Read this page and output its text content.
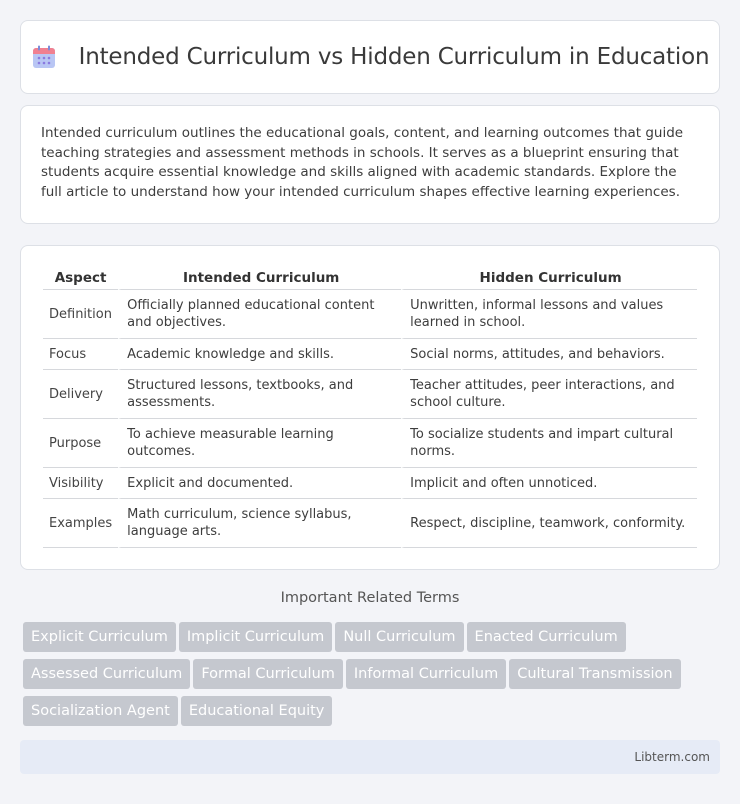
Intended Curriculum vs Hidden Curriculum in Education

Intended curriculum outlines the educational goals, content, and learning outcomes that guide teaching strategies and assessment methods in schools. It serves as a blueprint ensuring that students acquire essential knowledge and skills aligned with academic standards. Explore the full article to understand how your intended curriculum shapes effective learning experiences.

Aspect	Intended Curriculum	Hidden Curriculum
Definition	Officially planned educational content and objectives.	Unwritten, informal lessons and values learned in school.
Focus	Academic knowledge and skills.	Social norms, attitudes, and behaviors.
Delivery	Structured lessons, textbooks, and assessments.	Teacher attitudes, peer interactions, and school culture.
Purpose	To achieve measurable learning outcomes.	To socialize students and impart cultural norms.
Visibility	Explicit and documented.	Implicit and often unnoticed.
Examples	Math curriculum, science syllabus, language arts.	Respect, discipline, teamwork, conformity.
Important Related Terms
Explicit Curriculum Implicit Curriculum Null Curriculum Enacted Curriculum
Assessed Curriculum Formal Curriculum Informal Curriculum Cultural Transmission
Socialization Agent Educational Equity
Libterm.com
